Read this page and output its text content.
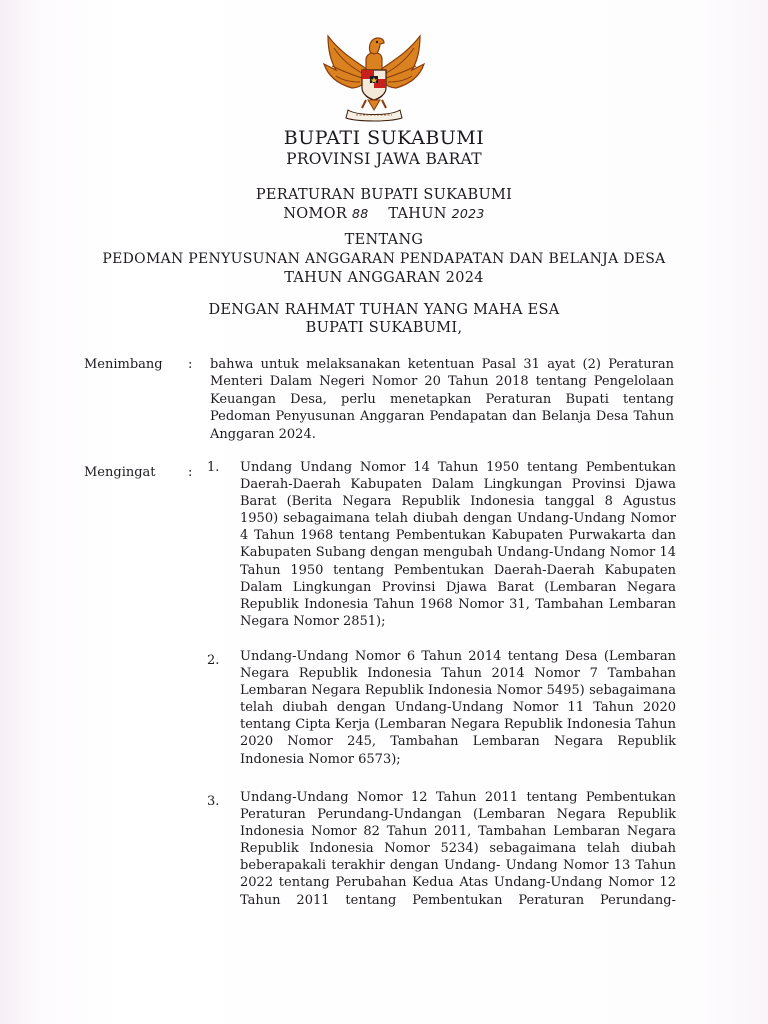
BUPATI SUKABUMI
PROVINSI JAWA BARAT
PERATURAN BUPATI SUKABUMI
NOMOR 88 TAHUN 2023
TENTANG
PEDOMAN PENYUSUNAN ANGGARAN PENDAPATAN DAN BELANJA DESA
TAHUN ANGGARAN 2024
DENGAN RAHMAT TUHAN YANG MAHA ESA
BUPATI SUKABUMI,
Menimbang : bahwa untuk melaksanakan ketentuan Pasal 31 ayat (2) Peraturan Menteri Dalam Negeri Nomor 20 Tahun 2018 tentang Pengelolaan Keuangan Desa, perlu menetapkan Peraturan Bupati tentang Pedoman Penyusunan Anggaran Pendapatan dan Belanja Desa Tahun Anggaran 2024.
Mengingat : 1. Undang Undang Nomor 14 Tahun 1950 tentang Pembentukan Daerah-Daerah Kabupaten Dalam Lingkungan Provinsi Djawa Barat (Berita Negara Republik Indonesia tanggal 8 Agustus 1950) sebagaimana telah diubah dengan Undang-Undang Nomor 4 Tahun 1968 tentang Pembentukan Kabupaten Purwakarta dan Kabupaten Subang dengan mengubah Undang-Undang Nomor 14 Tahun 1950 tentang Pembentukan Daerah-Daerah Kabupaten Dalam Lingkungan Provinsi Djawa Barat (Lembaran Negara Republik Indonesia Tahun 1968 Nomor 31, Tambahan Lembaran Negara Nomor 2851);
2. Undang-Undang Nomor 6 Tahun 2014 tentang Desa (Lembaran Negara Republik Indonesia Tahun 2014 Nomor 7 Tambahan Lembaran Negara Republik Indonesia Nomor 5495) sebagaimana telah diubah dengan Undang-Undang Nomor 11 Tahun 2020 tentang Cipta Kerja (Lembaran Negara Republik Indonesia Tahun 2020 Nomor 245, Tambahan Lembaran Negara Republik Indonesia Nomor 6573);
3. Undang-Undang Nomor 12 Tahun 2011 tentang Pembentukan Peraturan Perundang-Undangan (Lembaran Negara Republik Indonesia Nomor 82 Tahun 2011, Tambahan Lembaran Negara Republik Indonesia Nomor 5234) sebagaimana telah diubah beberapakali terakhir dengan Undang- Undang Nomor 13 Tahun 2022 tentang Perubahan Kedua Atas Undang-Undang Nomor 12 Tahun 2011 tentang Pembentukan Peraturan Perundang-
